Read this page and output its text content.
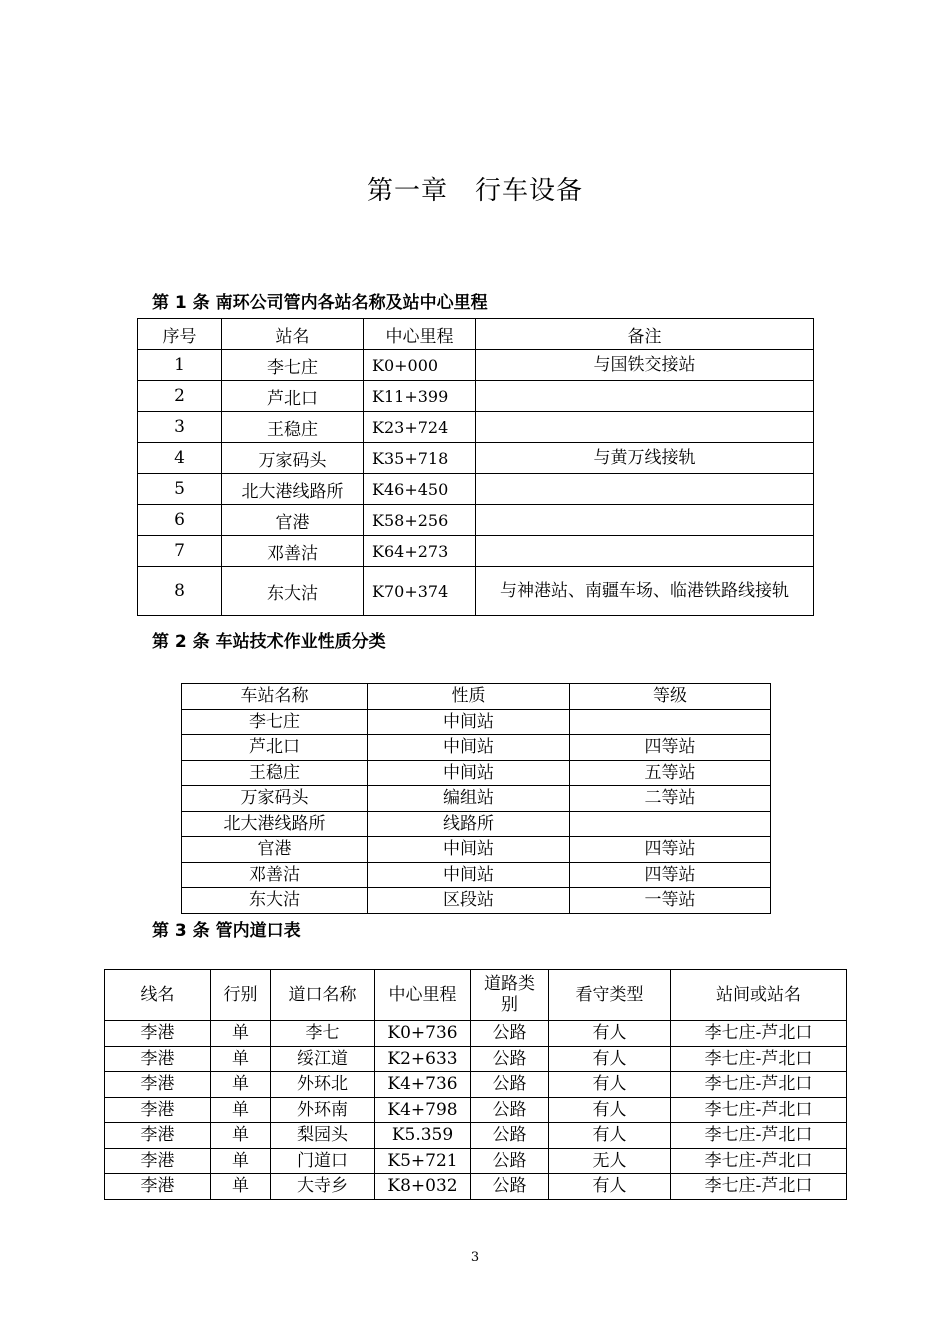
第一章　行车设备
第 1 条 南环公司管内各站名称及站中心里程
序号	站名	中心里程	备注
1	李七庄	K0+000	与国铁交接站
2	芦北口	K11+399	
3	王稳庄	K23+724	
4	万家码头	K35+718	与黄万线接轨
5	北大港线路所	K46+450	
6	官港	K58+256	
7	邓善沽	K64+273	
8	东大沽	K70+374	与神港站、南疆车场、临港铁路线接轨
第 2 条 车站技术作业性质分类
车站名称	性质	等级
李七庄	中间站	
芦北口	中间站	四等站
王稳庄	中间站	五等站
万家码头	编组站	二等站
北大港线路所	线路所	
官港	中间站	四等站
邓善沽	中间站	四等站
东大沽	区段站	一等站
第 3 条 管内道口表
线名	行别	道口名称	中心里程	道路类别	看守类型	站间或站名
李港	单	李七	K0+736	公路	有人	李七庄-芦北口
李港	单	绥江道	K2+633	公路	有人	李七庄-芦北口
李港	单	外环北	K4+736	公路	有人	李七庄-芦北口
李港	单	外环南	K4+798	公路	有人	李七庄-芦北口
李港	单	梨园头	K5.359	公路	有人	李七庄-芦北口
李港	单	门道口	K5+721	公路	无人	李七庄-芦北口
李港	单	大寺乡	K8+032	公路	有人	李七庄-芦北口
3
